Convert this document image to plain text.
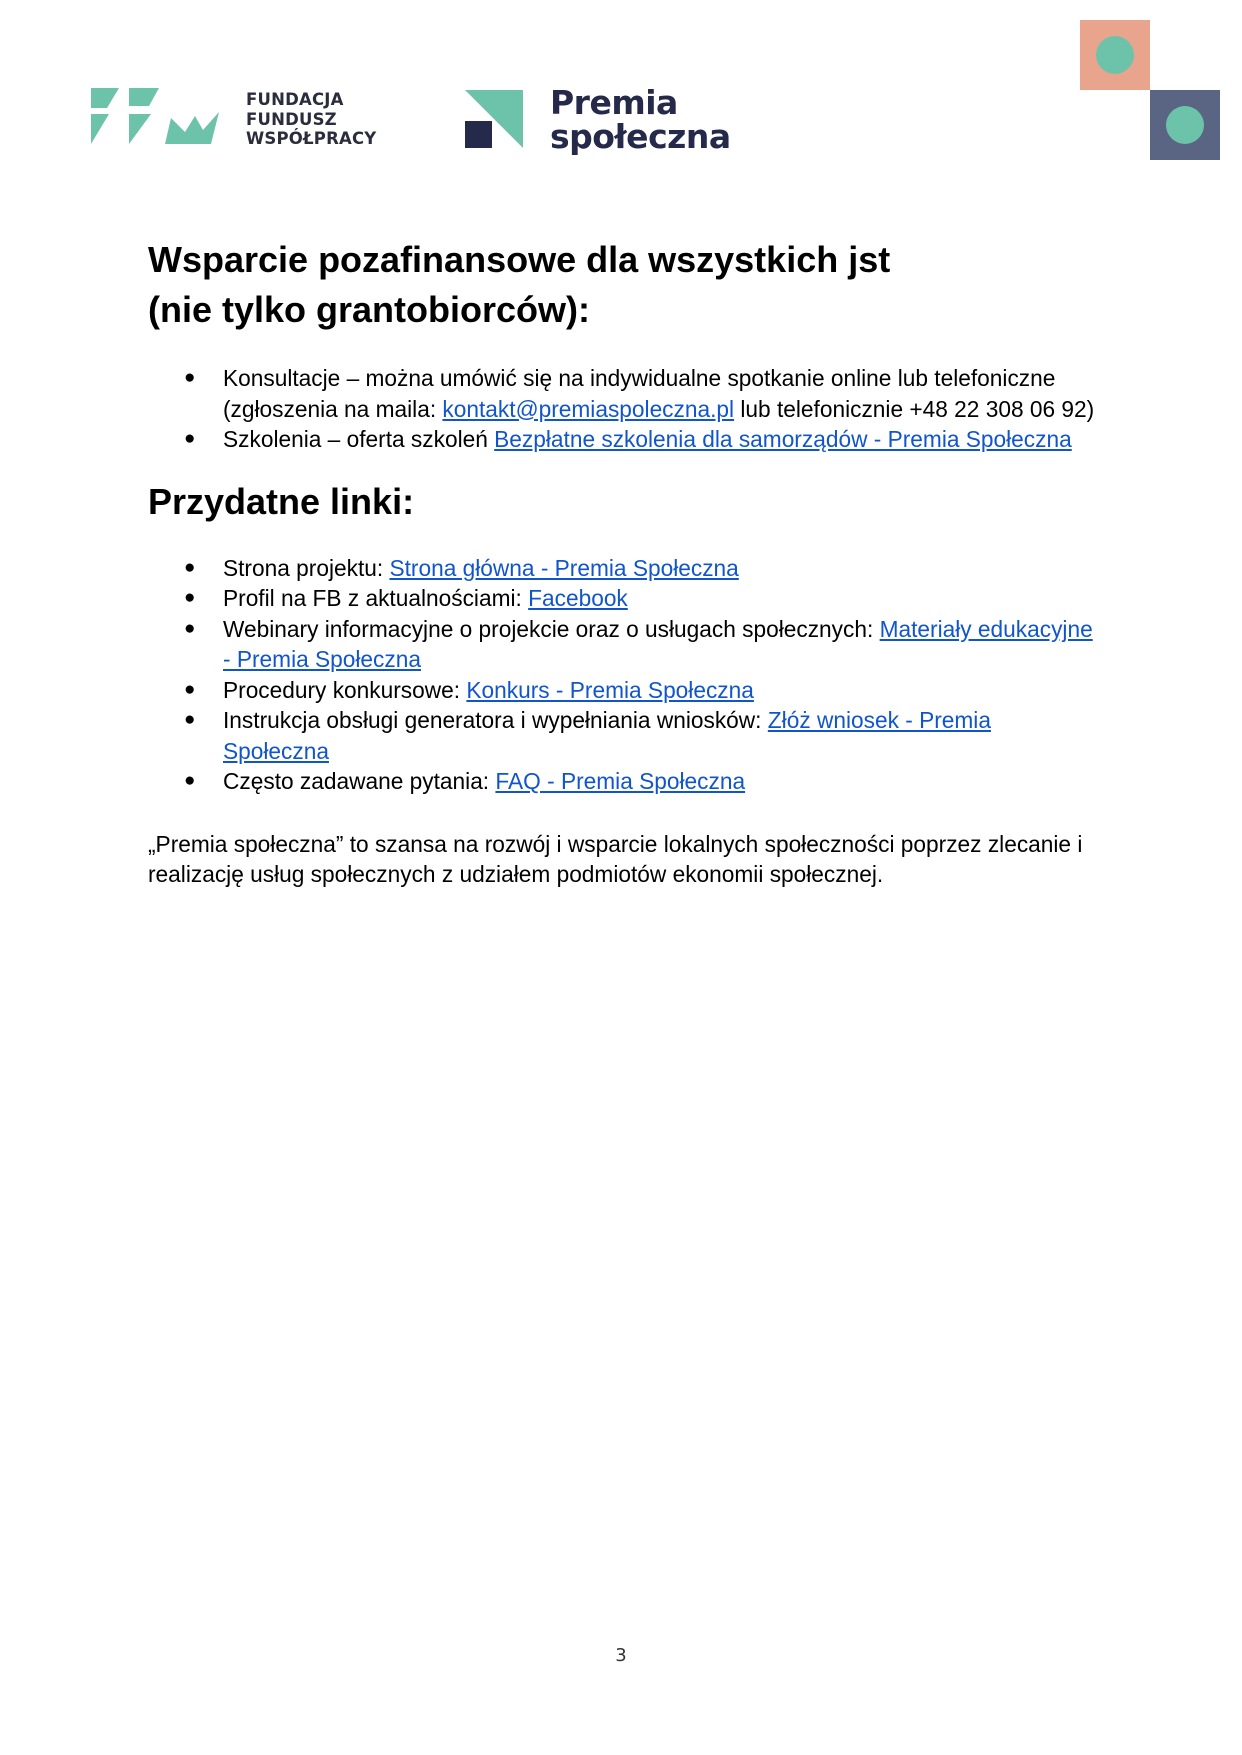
FUNDACJA
FUNDUSZ
WSPÓŁPRACY
Premia
społeczna
Wsparcie pozafinansowe dla wszystkich jst
(nie tylko grantobiorców):
● Konsultacje – można umówić się na indywidualne spotkanie online lub telefoniczne (zgłoszenia na maila: kontakt@premiaspoleczna.pl lub telefonicznie +48 22 308 06 92)
● Szkolenia – oferta szkoleń Bezpłatne szkolenia dla samorządów - Premia Społeczna
Przydatne linki:
● Strona projektu: Strona główna - Premia Społeczna
● Profil na FB z aktualnościami: Facebook
● Webinary informacyjne o projekcie oraz o usługach społecznych: Materiały edukacyjne - Premia Społeczna
● Procedury konkursowe: Konkurs - Premia Społeczna
● Instrukcja obsługi generatora i wypełniania wniosków: Złóż wniosek - Premia Społeczna
● Często zadawane pytania: FAQ - Premia Społeczna

„Premia społeczna” to szansa na rozwój i wsparcie lokalnych społeczności poprzez zlecanie i realizację usług społecznych z udziałem podmiotów ekonomii społecznej.

3
